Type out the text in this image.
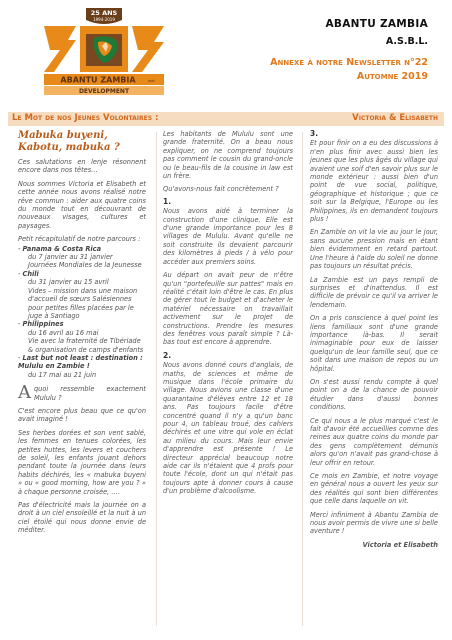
25 ANS
1994-2019
ABANTU ZAMBIA	asbl
DEVELOPMENT
ABANTU ZAMBIA
A.S.B.L.
Annexe à notre Newsletter n°22
Automne 2019
Le Mot de nos Jeunes Volontaires :	Victoria & Elisabeth
Mabuka buyeni,
Kabotu, mabuka ?

Ces salutations en lenje résonnent encore dans nos têtes…

Nous sommes Victoria et Elisabeth et cette année nous avons réalisé notre rêve commun : aider aux quatre coins du monde tout en découvrant de nouveaux visages, cultures et paysages.

Petit récapitulatif de notre parcours :

- Panama & Costa Rica
du 7 janvier au 31 janvier
Journées Mondiales de la Jeunesse
- Chili
du 31 janvier au 15 avril
Vides – mission dans une maison d'accueil de sœurs Salésiennes pour petites filles placées par le juge à Santiago
- Philippines
du 16 avril au 16 mai
Vie avec la fraternité de Tibériade & organisation de camps d'enfants
- Last but not least : destination : Mululu en Zambie !
du 17 mai au 21 juin

Aquoi ressemble exactement Mululu ?

C'est encore plus beau que ce qu'on avait imaginé !

Ses herbes dorées et son vent sablé, les femmes en tenues colorées, les petites huttes, les levers et couchers de soleil, les enfants jouant dehors pendant toute la journée dans leurs habits déchirés, les « mabuka buyeni » ou « good morning, how are you ? » à chaque personne croisée, ….

Pas d'électricité mais la journée on a droit à un ciel ensoleillé et la nuit à un ciel étoilé qui nous donne envie de méditer.

Les habitants de Mululu sont une grande fraternité. On a beau nous expliquer, on ne comprend toujours pas comment le cousin du grand-oncle ou le beau-fils de la cousine in law est un frère.

Qu'avons-nous fait concrètement ?

1.

Nous avons aidé à terminer la construction d'une clinique. Elle est d'une grande importance pour les 8 villages de Mululu. Avant qu'elle ne soit construite ils devaient parcourir des kilomètres à pieds / à vélo pour accéder aux premiers soins.

Au départ on avait peur de n'être qu'un "portefeuille sur pattes" mais en réalité c'était loin d'être le cas. En plus de gérer tout le budget et d'acheter le matériel nécessaire on travaillait activement sur le projet de constructions. Prendre les mesures des fenêtres vous paraît simple ? Là- bas tout est encore à apprendre.

2.

Nous avons donné cours d'anglais, de maths, de sciences et même de musique dans l'école primaire du village. Nous avions une classe d'une quarantaine d'élèves entre 12 et 18 ans. Pas toujours facile d'être concentré quand il n'y a qu'un banc pour 4, un tableau troué, des cahiers déchirés et une vitre qui vole en éclat au milieu du cours. Mais leur envie d'apprendre est présente ! Le directeur apprécial beaucoup notre aide car ils n'étaient que 4 profs pour toute l'école, dont un qui n'était pas toujours apte à donner cours à cause d'un problème d'alcoolisme.

3.

Et pour finir on a eu des discussions à n'en plus finir avec aussi bien les jeunes que les plus âgés du village qui avaient une soif d'en savoir plus sur le monde extérieur : aussi bien d'un point de vue social, politique, géographique et historique ; que ce soit sur la Belgique, l'Europe ou les Philippines, ils en demandent toujours plus !

En Zambie on vit la vie au jour le jour, sans aucune pression mais en étant bien évidemment en retard partout. Une l'heure à l'aide du soleil ne donne pas toujours un résultat précis.

La Zambie est un pays rempli de surprises et d'inattendus. Il est difficile de prévoir ce qu'il va arriver le lendemain.

On a pris conscience à quel point les liens familiaux sont d'une grande importance là-bas. Il serait inimaginable pour eux de laisser quelqu'un de leur famille seul, que ce soit dans une maison de repos ou un hôpital.

On s'est aussi rendu compte à quel point on a de la chance de pouvoir étudier dans d'aussi bonnes conditions.

Ce qui nous a le plus marqué c'est le fait d'avoir été accueillies comme des reines aux quatre coins du monde par des gens complètement démunis alors qu'on n'avait pas grand-chose à leur offrir en retour.

Ce mois en Zambie, et notre voyage en général nous a ouvert les yeux sur des réalités qui sont bien différentes que celle dans laquelle on vit.

Merci infiniment à Abantu Zambia de nous avoir permis de vivre une si belle aventure !

Victoria et Elisabeth
